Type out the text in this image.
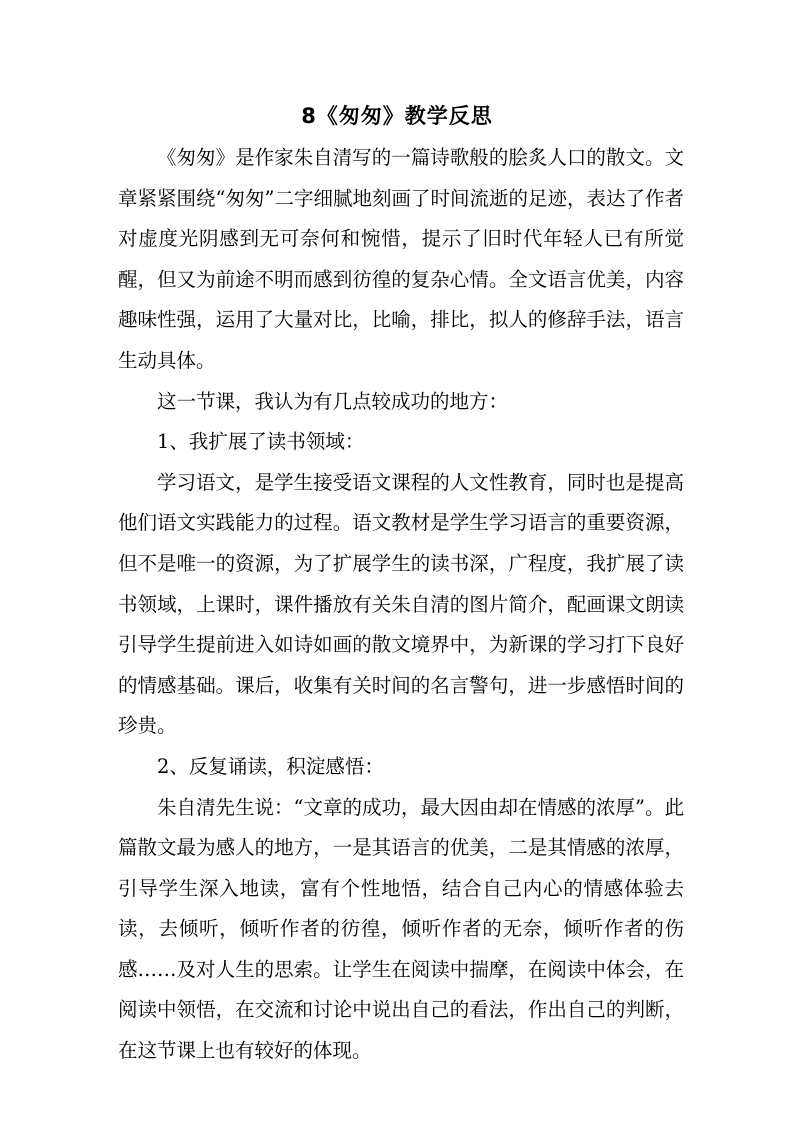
8《匆匆》教学反思

《匆匆》是作家朱自清写的一篇诗歌般的脍炙人口的散文。文章紧紧围绕“匆匆”二字细腻地刻画了时间流逝的足迹，表达了作者对虚度光阴感到无可奈何和惋惜，提示了旧时代年轻人已有所觉醒，但又为前途不明而感到彷徨的复杂心情。全文语言优美，内容趣味性强，运用了大量对比，比喻，排比，拟人的修辞手法，语言生动具体。

这一节课，我认为有几点较成功的地方：

1、我扩展了读书领域：

学习语文，是学生接受语文课程的人文性教育，同时也是提高他们语文实践能力的过程。语文教材是学生学习语言的重要资源，但不是唯一的资源，为了扩展学生的读书深，广程度，我扩展了读书领域，上课时，课件播放有关朱自清的图片简介，配画课文朗读引导学生提前进入如诗如画的散文境界中，为新课的学习打下良好的情感基础。课后，收集有关时间的名言警句，进一步感悟时间的珍贵。

2、反复诵读，积淀感悟：

朱自清先生说：“文章的成功，最大因由却在情感的浓厚”。此篇散文最为感人的地方，一是其语言的优美，二是其情感的浓厚，引导学生深入地读，富有个性地悟，结合自己内心的情感体验去读，去倾听，倾听作者的彷徨，倾听作者的无奈，倾听作者的伤感……及对人生的思索。让学生在阅读中揣摩，在阅读中体会，在阅读中领悟，在交流和讨论中说出自己的看法，作出自己的判断，在这节课上也有较好的体现。
